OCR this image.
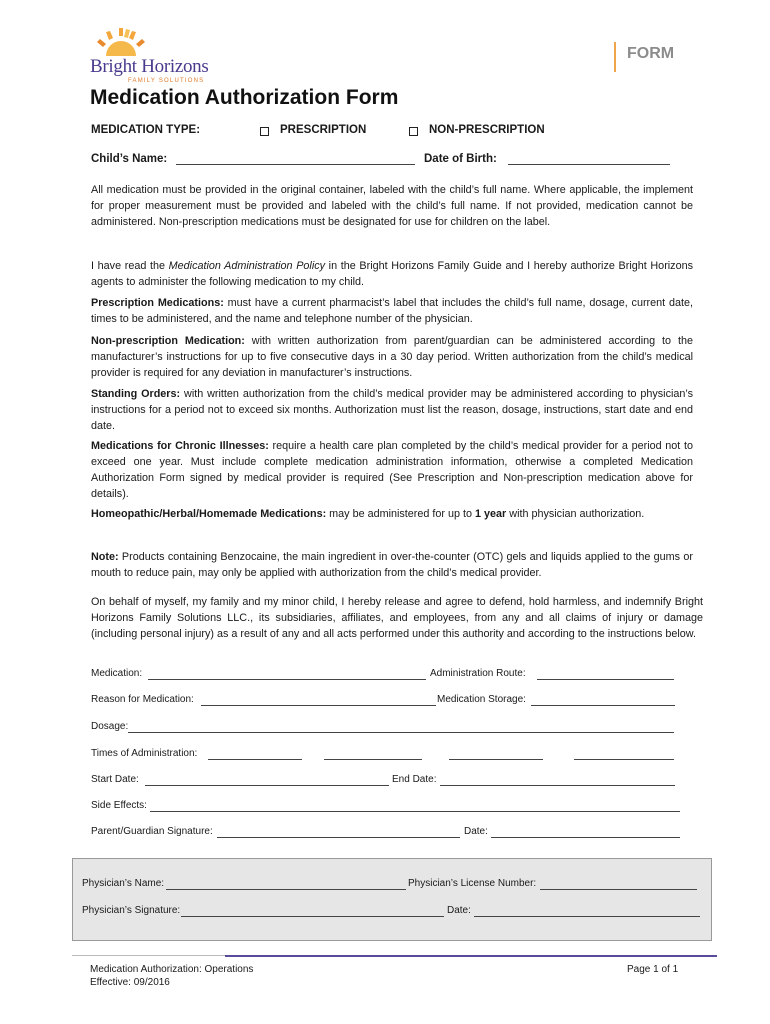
Bright Horizons
FAMILY SOLUTIONS
FORM
Medication Authorization Form
MEDICATION TYPE:	PRESCRIPTION	NON-PRESCRIPTION
Child’s Name:	Date of Birth:

All medication must be provided in the original container, labeled with the child’s full name. Where applicable, the implement for proper measurement must be provided and labeled with the child’s full name. If not provided, medication cannot be administered. Non-prescription medications must be designated for use for children on the label.

I have read the Medication Administration Policy in the Bright Horizons Family Guide and I hereby authorize Bright Horizons agents to administer the following medication to my child.

Prescription Medications: must have a current pharmacist’s label that includes the child’s full name, dosage, current date, times to be administered, and the name and telephone number of the physician.

Non-prescription Medication: with written authorization from parent/guardian can be administered according to the manufacturer’s instructions for up to five consecutive days in a 30 day period. Written authorization from the child’s medical provider is required for any deviation in manufacturer’s instructions.

Standing Orders: with written authorization from the child’s medical provider may be administered according to physician’s instructions for a period not to exceed six months. Authorization must list the reason, dosage, instructions, start date and end date.

Medications for Chronic Illnesses: require a health care plan completed by the child’s medical provider for a period not to exceed one year. Must include complete medication administration information, otherwise a completed Medication Authorization Form signed by medical provider is required (See Prescription and Non-prescription medication above for details).

Homeopathic/Herbal/Homemade Medications: may be administered for up to 1 year with physician authorization.

Note: Products containing Benzocaine, the main ingredient in over-the-counter (OTC) gels and liquids applied to the gums or mouth to reduce pain, may only be applied with authorization from the child’s medical provider.

On behalf of myself, my family and my minor child, I hereby release and agree to defend, hold harmless, and indemnify Bright Horizons Family Solutions LLC., its subsidiaries, affiliates, and employees, from any and all claims of injury or damage (including personal injury) as a result of any and all acts performed under this authority and according to the instructions below.

Medication:	Administration Route:
Reason for Medication:	Medication Storage:
Dosage:
Times of Administration:
Start Date:	End Date:
Side Effects:
Parent/Guardian Signature:	Date:
Physician’s Name:	Physician’s License Number:
Physician’s Signature:	Date:
Medication Authorization: Operations
Effective: 09/2016
Page 1 of 1
